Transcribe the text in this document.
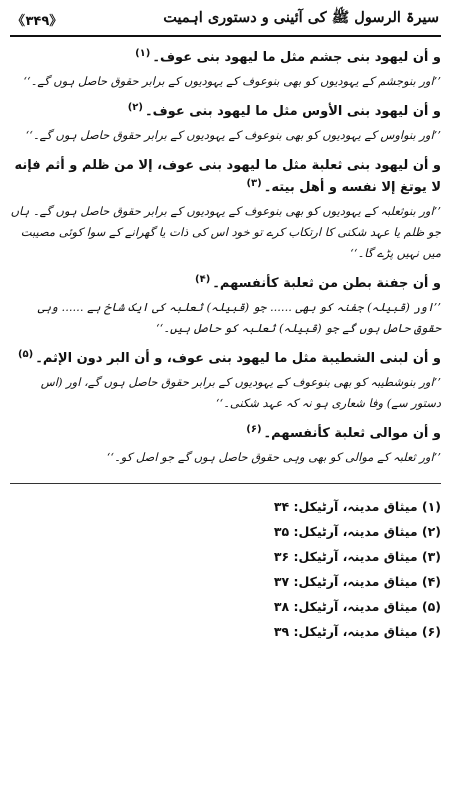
سیرۃ الرسول ﷺ کی آئینی و دستوری اہمیت
《۳۴۹》

و أن ليهود بنى جشم مثل ما ليهود بنى عوف۔$^{(۱)}$

’’اور بنوجشم کے یہودیوں کو بھی بنوعوف کے یہودیوں کے برابر حقوق حاصل ہوں گے۔‘‘

و أن ليهود بنى الأوس مثل ما ليهود بنى عوف۔$^{(۲)}$

’’اور بنواوس کے یہودیوں کو بھی بنوعوف کے یہودیوں کے برابر حقوق حاصل ہوں گے۔‘‘

و أن ليهود بنى ثعلبة مثل ما ليهود بنى عوف، إلا من ظلم و أثم فإنه لا يوتغ إلا نفسه و أهل بيته۔$^{(۳)}$

’’اور بنوثعلبہ کے یہودیوں کو بھی بنوعوف کے یہودیوں کے برابر حقوق حاصل ہوں گے۔ ہاں جو ظلم یا عہد شکنی کا ارتکاب کرے تو خود اس کی ذات یا گھرانے کے سوا کوئی مصیبت میں نہیں پڑے گا۔‘‘

و أن جفنة بطن من ثعلبة كأنفسهم۔$^{(۴)}$

’’اور (قبیلہ) جفنہ کو بھی ...... جو (قبیلہ) ثعلبہ کی ایک شاخ ہے ...... وہی حقوق حاصل ہوں گے جو (قبیلہ) ثعلبہ کو حاصل ہیں۔‘‘

و أن لبنى الشطيبة مثل ما ليهود بنى عوف، و أن البر دون الإثم۔$^{(۵)}$

’’اور بنوشطیبہ کو بھی بنوعوف کے یہودیوں کے برابر حقوق حاصل ہوں گے، اور (اس دستور سے) وفا شعاری ہو نہ کہ عہد شکنی۔‘‘

و أن موالى ثعلبة كأنفسهم۔$^{(۶)}$

’’اور ثعلبہ کے موالی کو بھی وہی حقوق حاصل ہوں گے جو اصل کو۔‘‘

(۱) میثاق مدینہ، آرٹیکل: ۳۴
(۲) میثاق مدینہ، آرٹیکل: ۳۵
(۳) میثاق مدینہ، آرٹیکل: ۳۶
(۴) میثاق مدینہ، آرٹیکل: ۳۷
(۵) میثاق مدینہ، آرٹیکل: ۳۸
(۶) میثاق مدینہ، آرٹیکل: ۳۹
